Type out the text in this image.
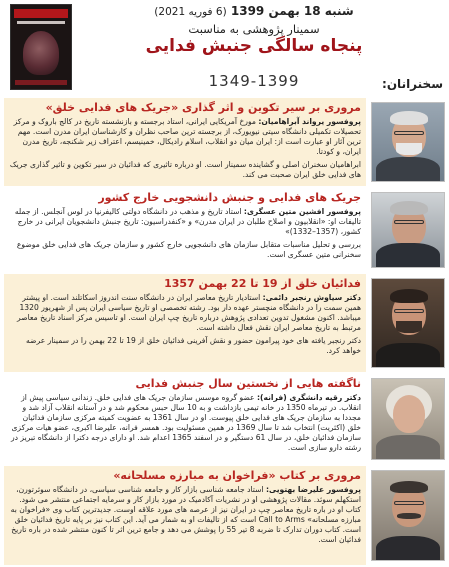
شنبه 18 بهمن 1399 (6 فوریه 2021)
سمینار پژوهشی به مناسبت
پنجاه سالگی جنبش فدایی
1349-1399	سخنرانان:
مروری بر سیر تکوین و اثر گذاری «جریک های فدایی خلق»
پروفسور یرواند آبراهامیان: مورخ آمریکایی ایرانی، استاد برجسته و بازنشسته تاریخ در کالج باروک و مرکز تحصیلات تکمیلی دانشگاه سیتی نیویورک، از برجسته ترین صاحب نظران و کارشناسان ایران مدرن است. مهم ترین آثار او عبارت است از: ایران میان دو انقلاب، اسلام رادیکال، خمینیسم، اعتراف زیر شکنجه، تاریخ مدرن ایران، و کودتا.
ابراهامیان سخنران اصلی و گشاینده سمینار است. او درباره تاثیری که فدائیان در سیر تکوین و تاثیر گذاری جریک های فدایی خلق ایران صحبت می کند.
جریک های فدایی و جنبش دانشجویی خارج کشور
پروفسور افشین متین عسگری: استاد تاریخ و مذهب در دانشگاه دولتی کالیفرنیا در لوس آنجلس. از جمله تالیفات او: «انقلابیون و اصلاح طلبان در ایران مدرن» و «کنفدراسیون: تاریخ جنبش دانشجویان ایرانی در خارج کشور، (1357–1332)»
بررسی و تحلیل مناسبات متقابل سازمان های دانشجویی خارج کشور و سازمان جریک های فدایی خلق موضوع سخنرانی متین عسگری است.
فدائیان خلق از 19 تا 22 بهمن 1357
دکتر سیاوش رنجبر دائمی: استادیار تاریخ معاصر ایران در دانشگاه سنت اندروز اسکاتلند است. او پیشتر همین سمت را در دانشگاه منچستر عهده دار بود. رشته تخصصی او تاریخ سیاسی ایران پس از شهریور 1320 میباشد. اکنون مشغول تدوین تعدادی پژوهش درباره تاریخ چپ ایران است. او تاسیس مرکز اسناد تاریخ معاصر مرتبط به تاریخ معاصر ایران نقش فعال داشته است.
دکتر رنجبر یافته های خود پیرامون حضور و نقش آفرینی فدائیان خلق از 19 تا 22 بهمن را در سمینار عرضه خواهد کرد.
ناگفته هایی از نخستین سال جنبش فدایی
دکتر رقیه دانشگری (فرانه): عضو گروه موسس سازمان جریک های فدایی خلق. زندانی سیاسی پیش از انقلاب. در تیرماه 1350 در خانه تیمی بازداشت و به 10 سال حبس محکوم شد و در آستانه انقلاب آزاد شد و مجددا به سازمان جریک های فدایی خلق پیوست. او در سال 1361 به عضویت کمیته مرکزی سازمان فدائیان خلق (اکثریت) انتخاب شد تا سال 1369 در همین مسئولیت بود. همسر فرانه، علیرضا اکبری، عضو هیات مرکزی سازمان فدائیان خلق، در سال 61 دستگیر و در اسفند 1365 اعدام شد. او دارای درجه دکترا از دانشگاه تبریز در رشته دارو سازی است.
مروری بر کتاب «فراخوان به مبارزه مسلحانه»
پروفسور علیرضا بهتویی: استاد جامعه شناسی بازار کار و جامعه شناسی سیاسی، در دانشگاه سوئرتورن، استکهلم سوئد. مقالات پژوهشی او در نشریات آکادمیک در مورد بازار کار و سرمایه اجتماعی منتشر می شود. کتاب او در باره تاریخ معاصر چپ در ایران نیز از عرصه های مورد علاقه اوست. جدیدترین کتاب وی «فراخوان به مبارزه مسلحانه» Call to Arms است که از تالیفات او به شمار می آید. این کتاب نیز بر پایه تاریخ فدائیان خلق است. کتاب دوران تدارک تا ضربه 8 تیر 55 را پوشش می دهد و جامع ترین اثر تا کنون منتشر شده در باره تاریخ فدائیان است.
